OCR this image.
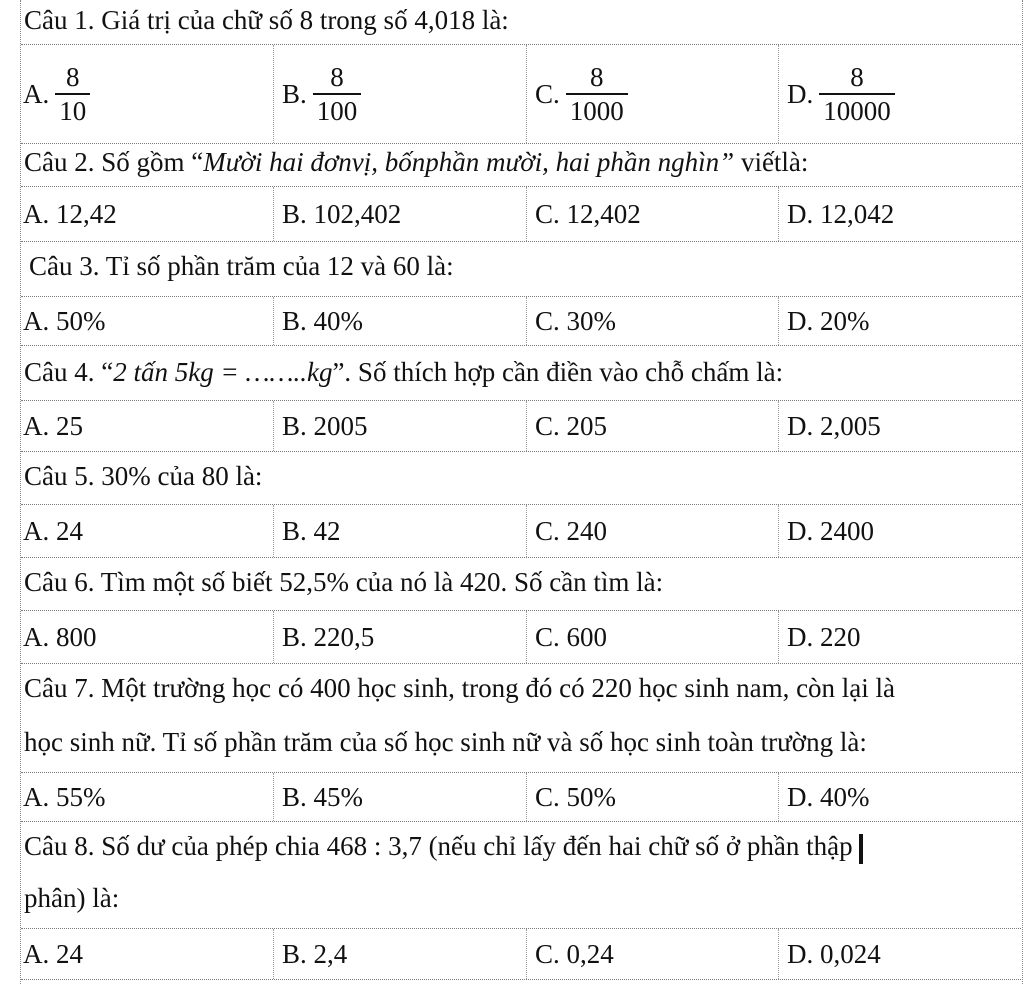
Câu 1. Giá trị của chữ số 8 trong số 4,018 là:
A. $\frac{8}{10}$	B. $\frac{8}{100}$	C. $\frac{8}{1000}$	D. $\frac{8}{10000}$
Câu 2. Số gồm “Mười hai đơnvị, bốnphần mười, hai phần nghìn” viếtlà:
A. 12,42	B. 102,402	C. 12,402	D. 12,042
Câu 3. Tỉ số phần trăm của 12 và 60 là:
A. 50%	B. 40%	C. 30%	D. 20%
Câu 4. “2 tấn 5kg = ……..kg”. Số thích hợp cần điền vào chỗ chấm là:
A. 25	B. 2005	C. 205	D. 2,005
Câu 5. 30% của 80 là:
A. 24	B. 42	C. 240	D. 2400
Câu 6. Tìm một số biết 52,5% của nó là 420. Số cần tìm là:
A. 800	B. 220,5	C. 600	D. 220
Câu 7. Một trường học có 400 học sinh, trong đó có 220 học sinh nam, còn lại là
học sinh nữ. Tỉ số phần trăm của số học sinh nữ và số học sinh toàn trường là:
A. 55%	B. 45%	C. 50%	D. 40%
Câu 8. Số dư của phép chia 468 : 3,7 (nếu chỉ lấy đến hai chữ số ở phần thập
phân) là:
A. 24	B. 2,4	C. 0,24	D. 0,024
